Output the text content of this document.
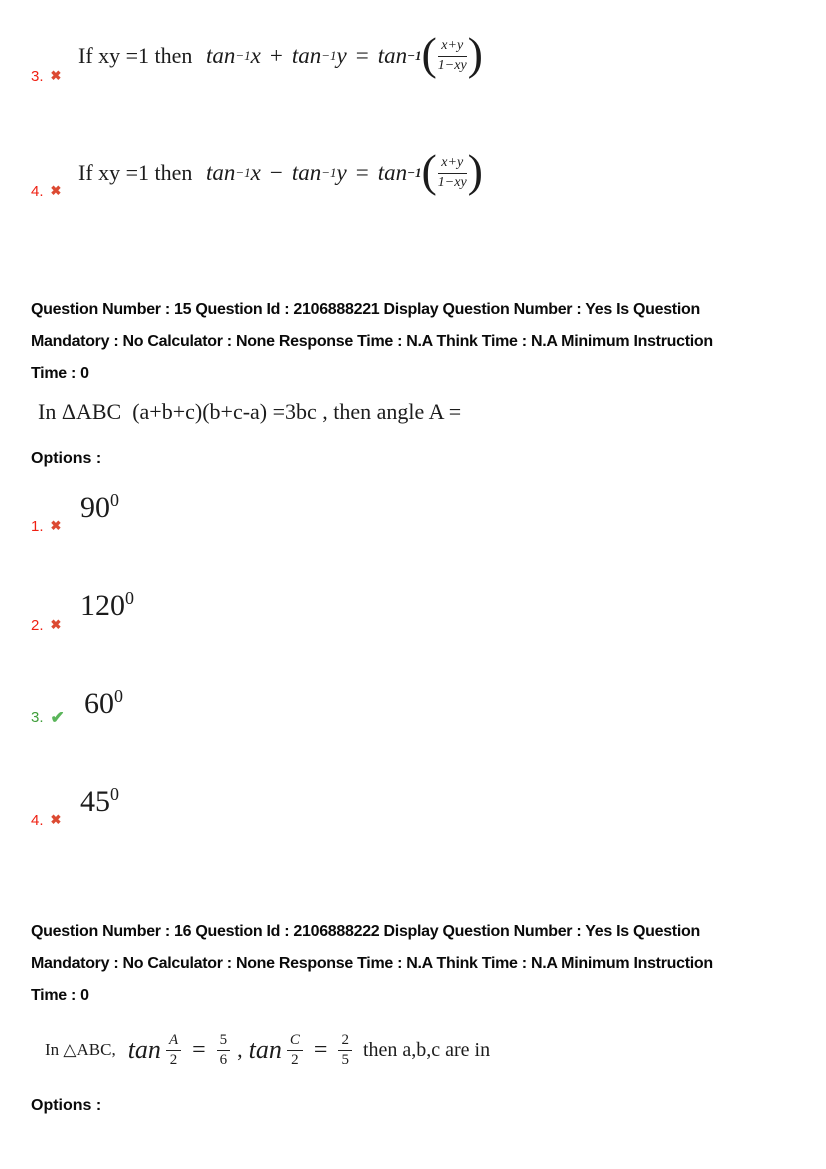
If xy =1 then tan −1 x + tan −1 y = tan −1 ( $\frac{x+y}{1-xy}$ )
3. ✖
If xy =1 then tan −1 x − tan −1 y = tan −1 ( $\frac{x+y}{1-xy}$ )
4. ✖
Question Number : 15 Question Id : 2106888221 Display Question Number : Yes Is Question
Mandatory : No Calculator : None Response Time : N.A Think Time : N.A Minimum Instruction
Time : 0
In ΔABC  (a+b+c)(b+c-a) =3bc , then angle A =
Options :
$90^0$
1. ✖
$120^0$
2. ✖
$60^0$
3. ✔
$45^0$
4. ✖
Question Number : 16 Question Id : 2106888222 Display Question Number : Yes Is Question
Mandatory : No Calculator : None Response Time : N.A Think Time : N.A Minimum Instruction
Time : 0
In △ABC, $\tan \frac{A}{2} = \frac{5}{6}$ , $\tan \frac{C}{2} = \frac{2}{5}$ then a,b,c are in
Options :
